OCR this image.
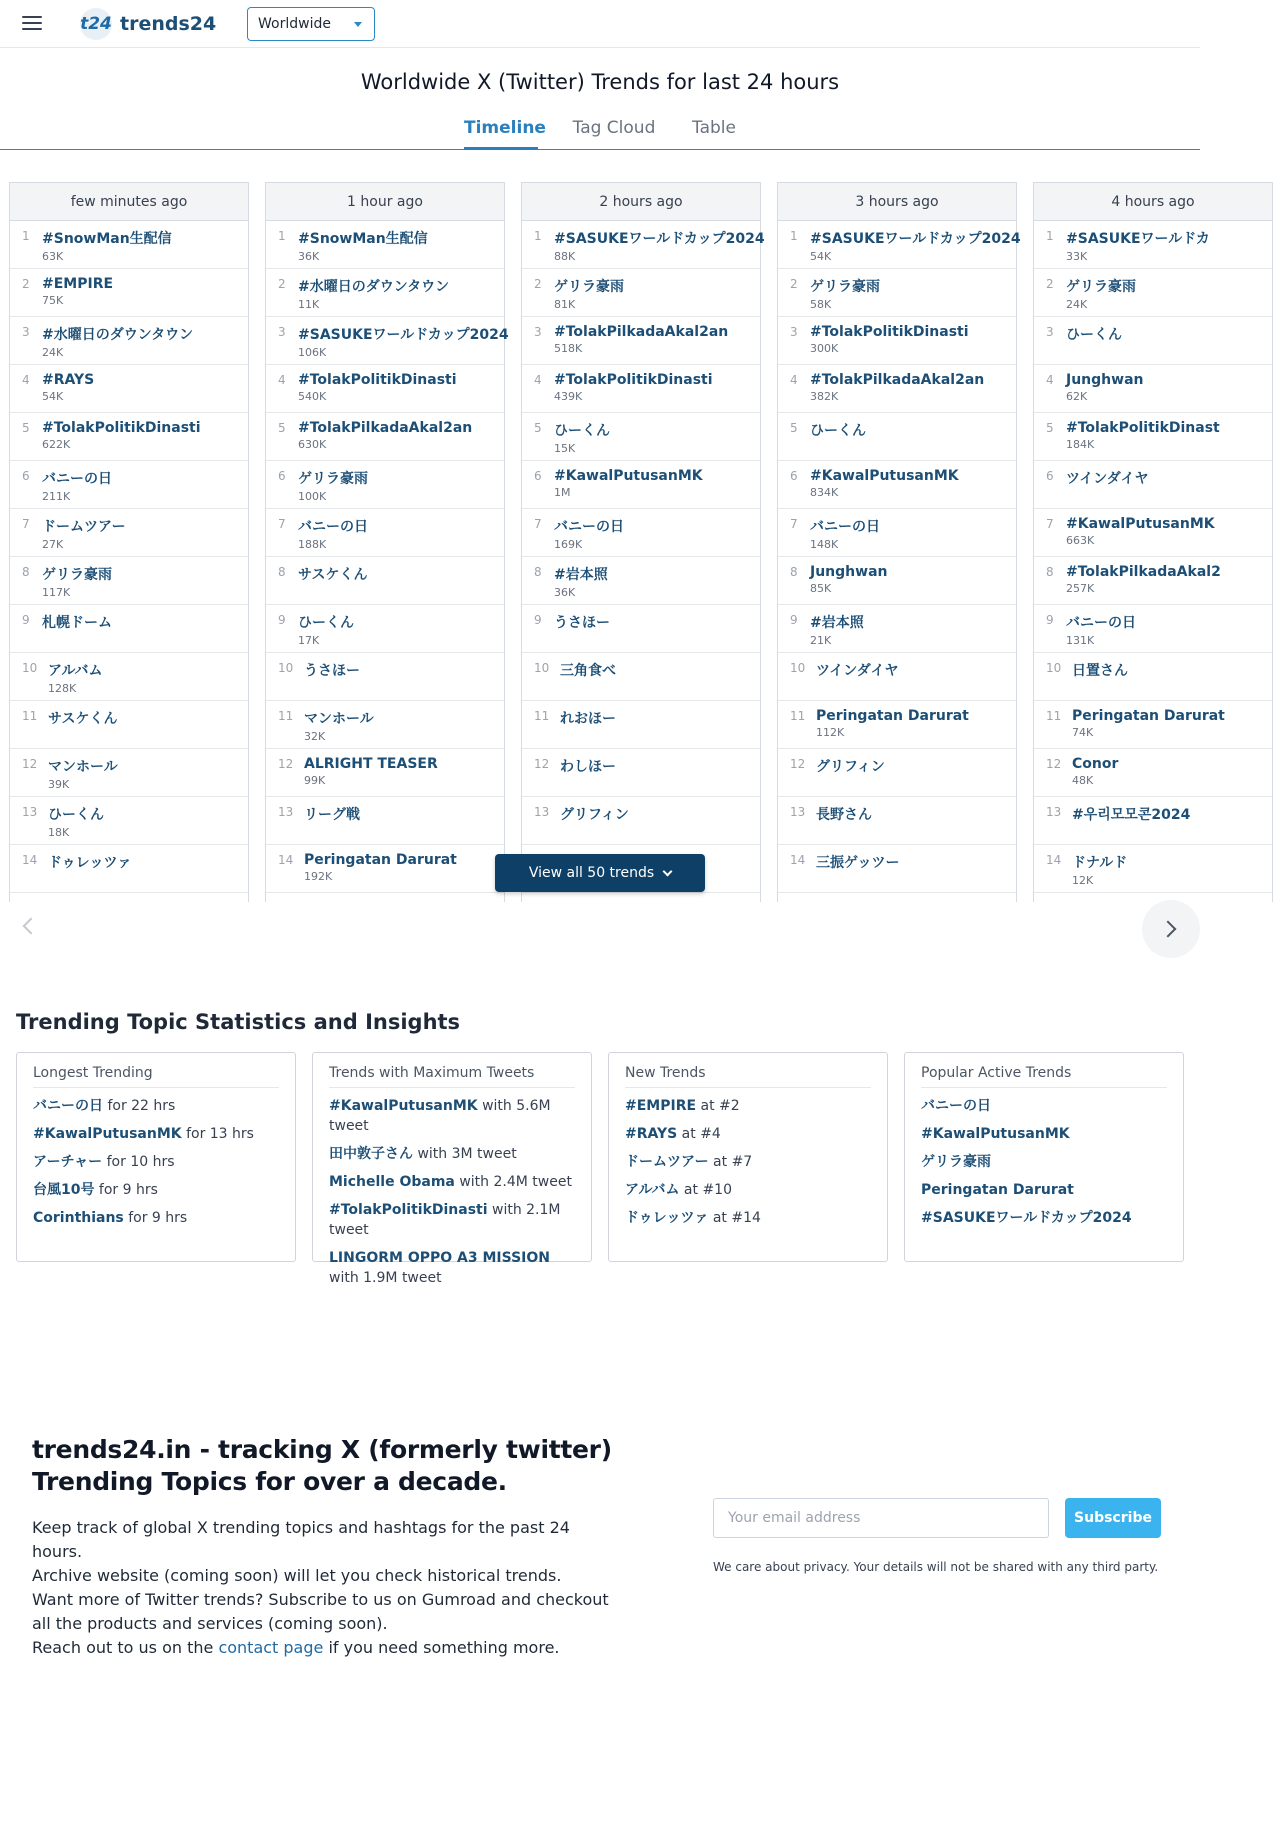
t24 trends24	Worldwide
Worldwide X (Twitter) Trends for last 24 hours
Timeline Tag Cloud Table
few minutes ago
1 #SnowMan生配信
63K
2 #EMPIRE
75K
3 #水曜日のダウンタウン
24K
4 #RAYS
54K
5 #TolakPolitikDinasti
622K
6 バニーの日
211K
7 ドームツアー
27K
8 ゲリラ豪雨
117K
9 札幌ドーム
10 アルバム
128K
11 サスケくん
12 マンホール
39K
13 ひーくん
18K
14 ドゥレッツァ
1 hour ago
1 #SnowMan生配信
36K
2 #水曜日のダウンタウン
11K
3 #SASUKEワールドカップ2024
106K
4 #TolakPolitikDinasti
540K
5 #TolakPilkadaAkal2an
630K
6 ゲリラ豪雨
100K
7 バニーの日
188K
8 サスケくん
9 ひーくん
17K
10 うさほー
11 マンホール
32K
12 ALRIGHT TEASER
99K
13 リーグ戦
14 Peringatan Darurat
192K
2 hours ago
1 #SASUKEワールドカップ2024
88K
2 ゲリラ豪雨
81K
3 #TolakPilkadaAkal2an
518K
4 #TolakPolitikDinasti
439K
5 ひーくん
15K
6 #KawalPutusanMK
1M
7 バニーの日
169K
8 #岩本照
36K
9 うさほー
10 三角食べ
11 れおほー
12 わしほー
13 グリフィン
3 hours ago
1 #SASUKEワールドカップ2024
54K
2 ゲリラ豪雨
58K
3 #TolakPolitikDinasti
300K
4 #TolakPilkadaAkal2an
382K
5 ひーくん
6 #KawalPutusanMK
834K
7 バニーの日
148K
8 Junghwan
85K
9 #岩本照
21K
10 ツインダイヤ
11 Peringatan Darurat
112K
12 グリフィン
13 長野さん
14 三振ゲッツー
4 hours ago
1 #SASUKEワールドカ
33K
2 ゲリラ豪雨
24K
3 ひーくん
4 Junghwan
62K
5 #TolakPolitikDinast
184K
6 ツインダイヤ
7 #KawalPutusanMK
663K
8 #TolakPilkadaAkal2
257K
9 バニーの日
131K
10 日置さん
11 Peringatan Darurat
74K
12 Conor
48K
13 #우리모모콘2024
14 ドナルド
12K
View all 50 trends
Trending Topic Statistics and Insights
Longest Trending
バニーの日 for 22 hrs
#KawalPutusanMK for 13 hrs
アーチャー for 10 hrs
台風10号 for 9 hrs
Corinthians for 9 hrs
Trends with Maximum Tweets
#KawalPutusanMK with 5.6M tweet
田中敦子さん with 3M tweet
Michelle Obama with 2.4M tweet
#TolakPolitikDinasti with 2.1M tweet
LINGORM OPPO A3 MISSION with 1.9M tweet
New Trends
#EMPIRE at #2
#RAYS at #4
ドームツアー at #7
アルバム at #10
ドゥレッツァ at #14
Popular Active Trends
バニーの日
#KawalPutusanMK
ゲリラ豪雨
Peringatan Darurat
#SASUKEワールドカップ2024
trends24.in - tracking X (formerly twitter) Trending Topics for over a decade.
Keep track of global X trending topics and hashtags for the past 24 hours.
Archive website (coming soon) will let you check historical trends.
Want more of Twitter trends? Subscribe to us on Gumroad and checkout all the products and services (coming soon).
Reach out to us on the contact page if you need something more.
Your email address
Subscribe
We care about privacy. Your details will not be shared with any third party.
